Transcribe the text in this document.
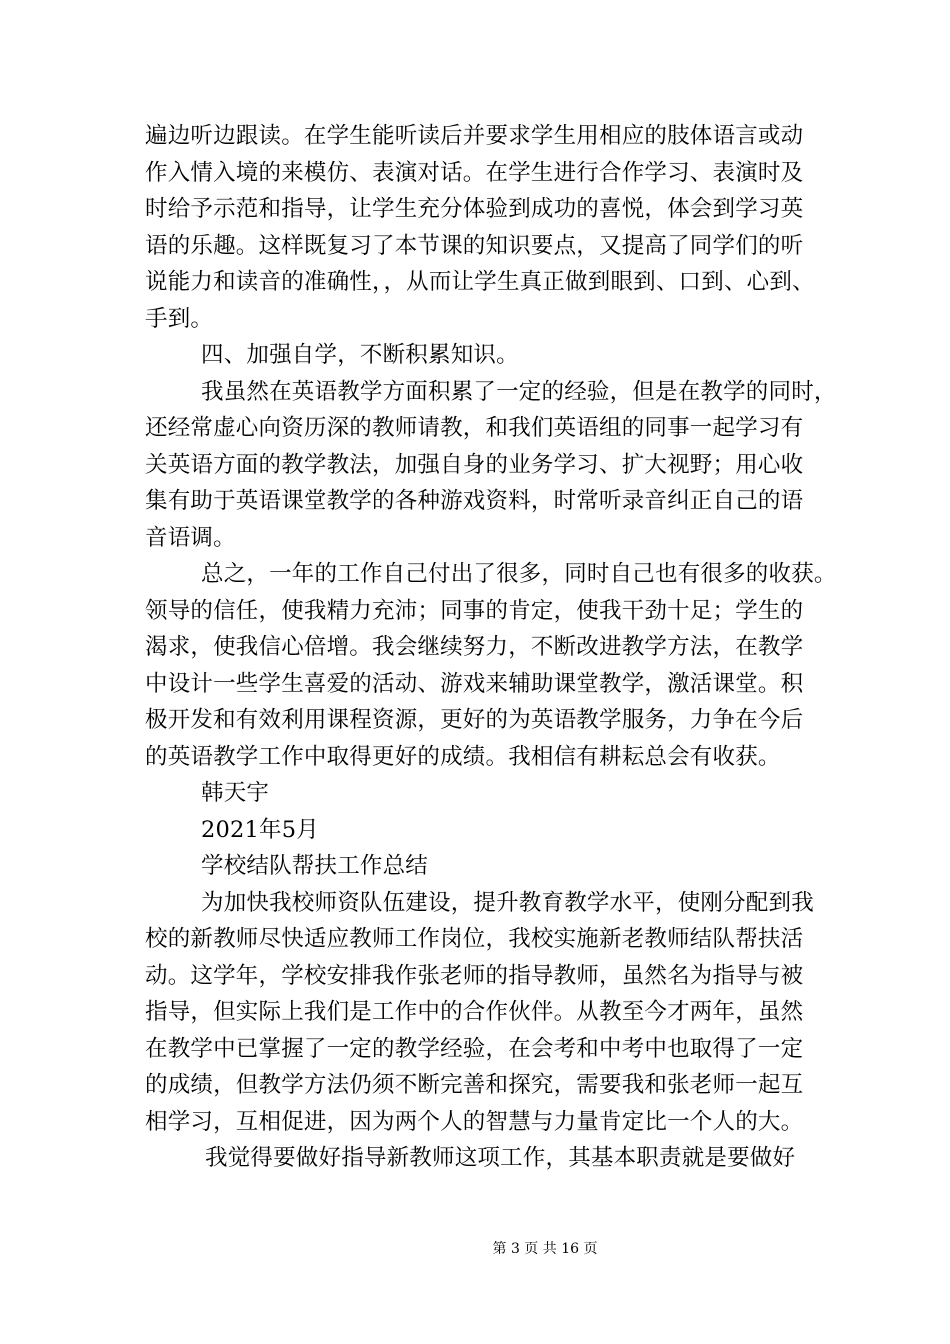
遍边听边跟读。在学生能听读后并要求学生用相应的肢体语言或动
作入情入境的来模仿、表演对话。在学生进行合作学习、表演时及
时给予示范和指导，让学生充分体验到成功的喜悦，体会到学习英
语的乐趣。这样既复习了本节课的知识要点，又提高了同学们的听
说能力和读音的准确性，，从而让学生真正做到眼到、口到、心到、
手到。
四、加强自学，不断积累知识。
我虽然在英语教学方面积累了一定的经验，但是在教学的同时，
还经常虚心向资历深的教师请教，和我们英语组的同事一起学习有
关英语方面的教学教法，加强自身的业务学习、扩大视野；用心收
集有助于英语课堂教学的各种游戏资料，时常听录音纠正自己的语
音语调。
总之，一年的工作自己付出了很多，同时自己也有很多的收获。
领导的信任，使我精力充沛；同事的肯定，使我干劲十足；学生的
渴求，使我信心倍增。我会继续努力，不断改进教学方法，在教学
中设计一些学生喜爱的活动、游戏来辅助课堂教学，激活课堂。积
极开发和有效利用课程资源，更好的为英语教学服务，力争在今后
的英语教学工作中取得更好的成绩。我相信有耕耘总会有收获。
韩天宇
2021年5月
学校结队帮扶工作总结
为加快我校师资队伍建设，提升教育教学水平，使刚分配到我
校的新教师尽快适应教师工作岗位，我校实施新老教师结队帮扶活
动。这学年，学校安排我作张老师的指导教师，虽然名为指导与被
指导，但实际上我们是工作中的合作伙伴。从教至今才两年，虽然
在教学中已掌握了一定的教学经验，在会考和中考中也取得了一定
的成绩，但教学方法仍须不断完善和探究，需要我和张老师一起互
相学习，互相促进，因为两个人的智慧与力量肯定比一个人的大。
我觉得要做好指导新教师这项工作，其基本职责就是要做好
第 3 页 共 16 页
